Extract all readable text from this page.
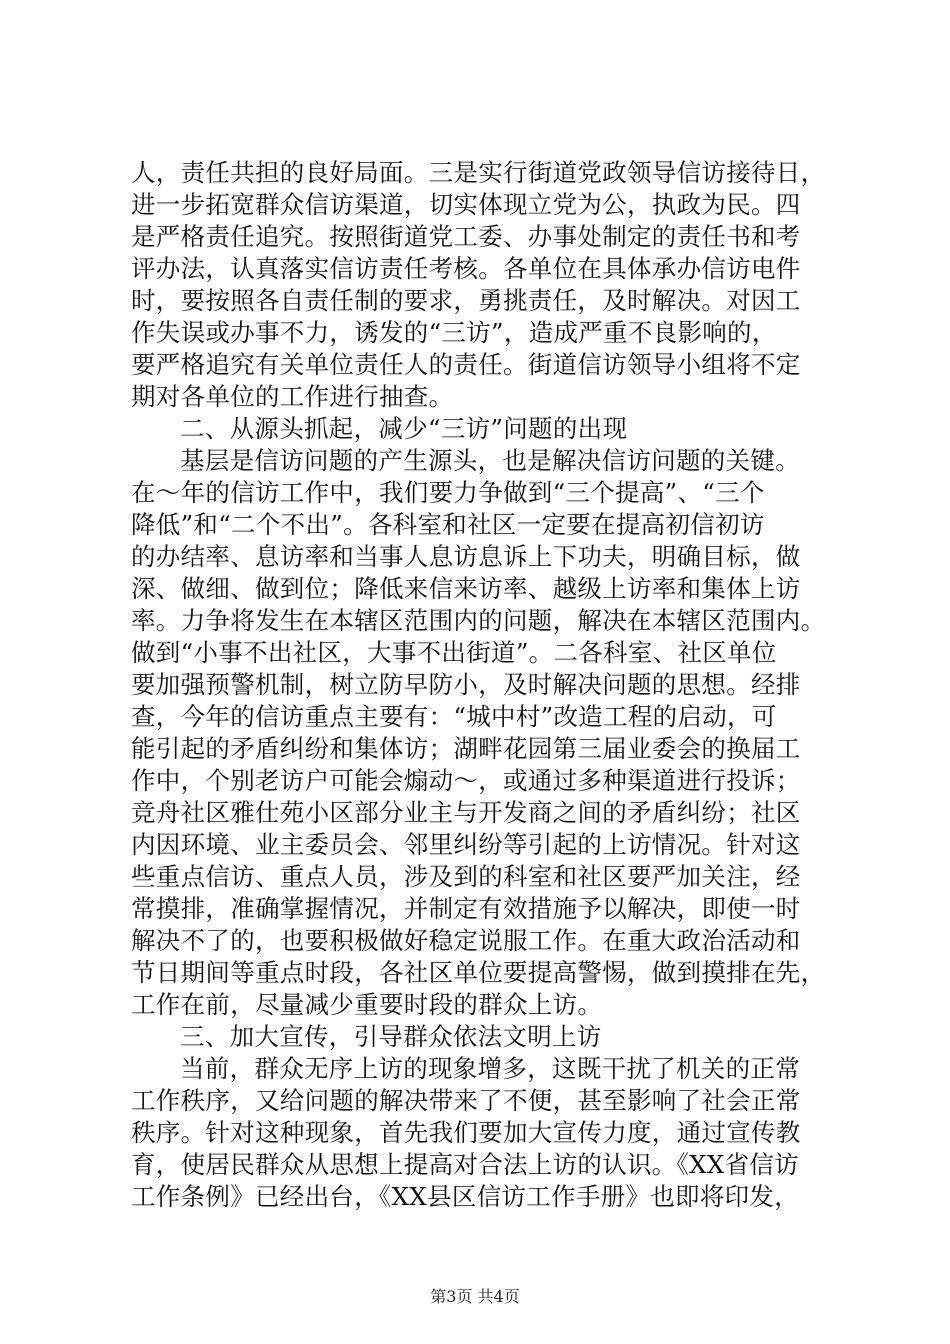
人，责任共担的良好局面。三是实行街道党政领导信访接待日，
进一步拓宽群众信访渠道，切实体现立党为公，执政为民。四
是严格责任追究。按照街道党工委、办事处制定的责任书和考
评办法，认真落实信访责任考核。各单位在具体承办信访电件
时，要按照各自责任制的要求，勇挑责任，及时解决。对因工
作失误或办事不力，诱发的“三访”，造成严重不良影响的，
要严格追究有关单位责任人的责任。街道信访领导小组将不定
期对各单位的工作进行抽查。
二、从源头抓起，减少“三访”问题的出现
基层是信访问题的产生源头，也是解决信访问题的关键。
在～年的信访工作中，我们要力争做到“三个提高”、“三个
降低”和“二个不出”。各科室和社区一定要在提高初信初访
的办结率、息访率和当事人息访息诉上下功夫，明确目标，做
深、做细、做到位；降低来信来访率、越级上访率和集体上访
率。力争将发生在本辖区范围内的问题，解决在本辖区范围内。
做到“小事不出社区，大事不出街道”。二各科室、社区单位
要加强预警机制，树立防早防小，及时解决问题的思想。经排
查，今年的信访重点主要有：“城中村”改造工程的启动，可
能引起的矛盾纠纷和集体访；湖畔花园第三届业委会的换届工
作中，个别老访户可能会煽动～，或通过多种渠道进行投诉；
竞舟社区雅仕苑小区部分业主与开发商之间的矛盾纠纷；社区
内因环境、业主委员会、邻里纠纷等引起的上访情况。针对这
些重点信访、重点人员，涉及到的科室和社区要严加关注，经
常摸排，准确掌握情况，并制定有效措施予以解决，即使一时
解决不了的，也要积极做好稳定说服工作。在重大政治活动和
节日期间等重点时段，各社区单位要提高警惕，做到摸排在先，
工作在前，尽量减少重要时段的群众上访。
三、加大宣传，引导群众依法文明上访
当前，群众无序上访的现象增多，这既干扰了机关的正常
工作秩序，又给问题的解决带来了不便，甚至影响了社会正常
秩序。针对这种现象，首先我们要加大宣传力度，通过宣传教
育，使居民群众从思想上提高对合法上访的认识。《XX省信访
工作条例》已经出台，《XX县区信访工作手册》也即将印发，
第3页 共4页
